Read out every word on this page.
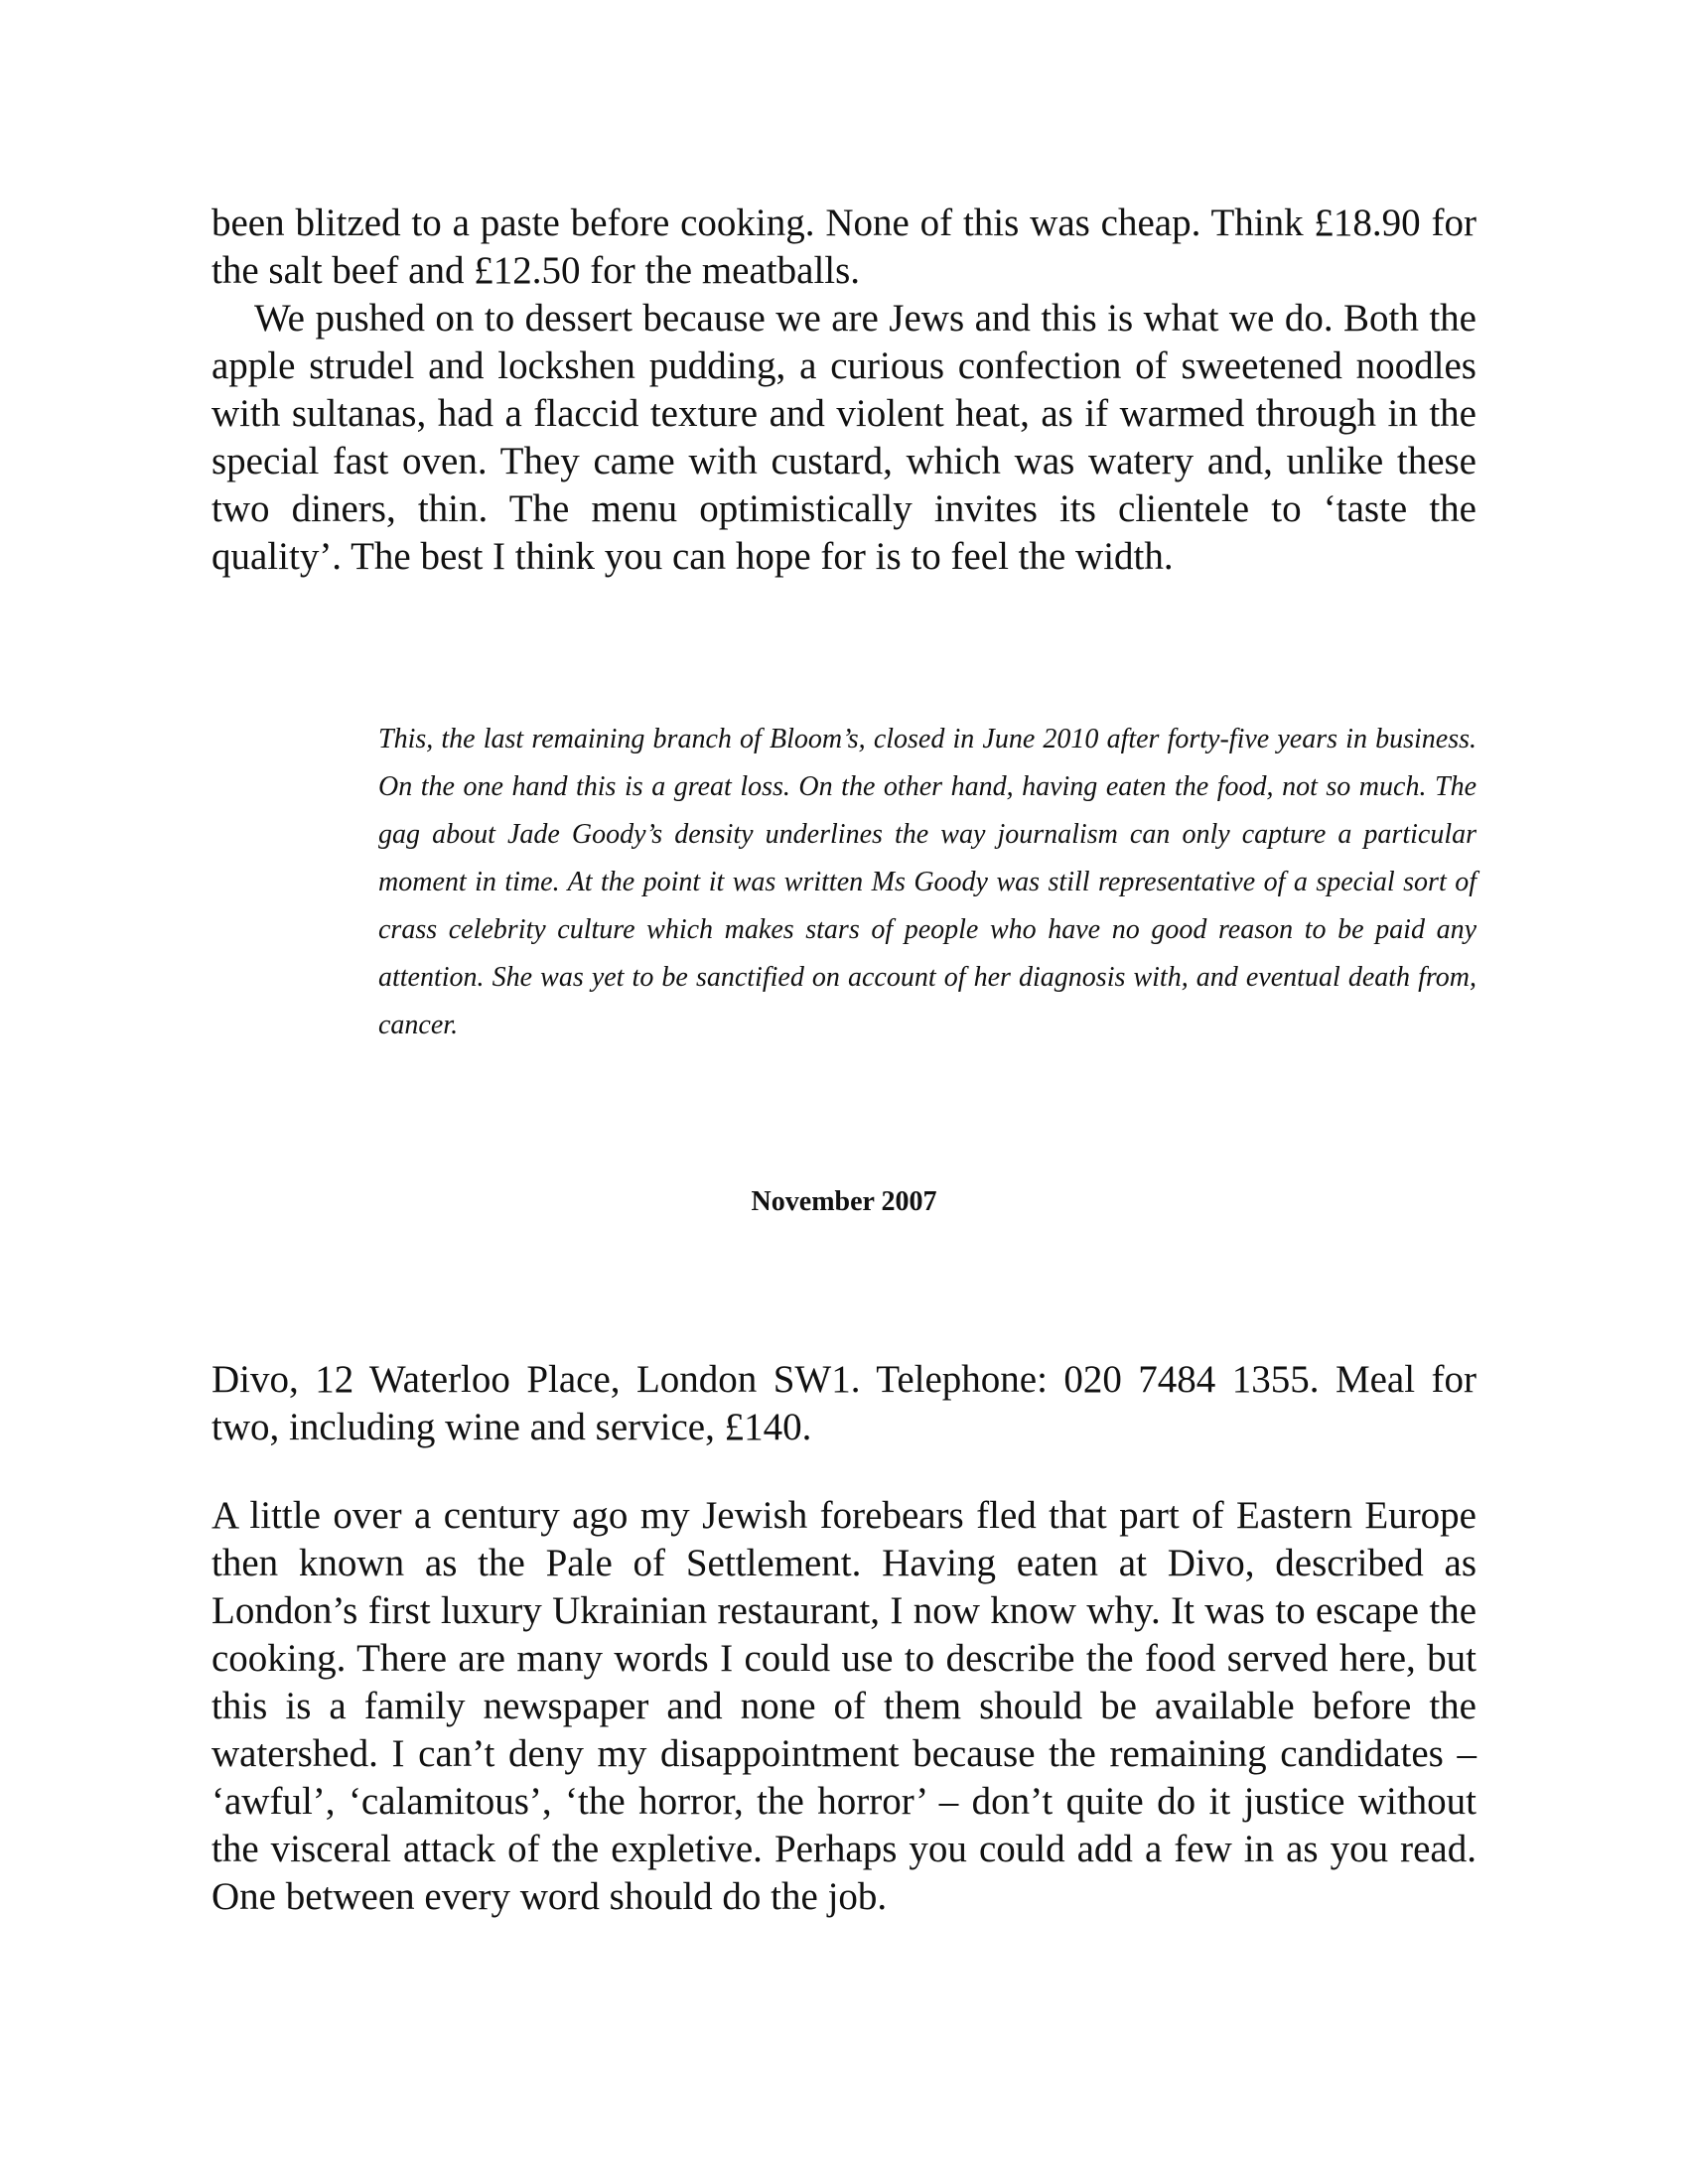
been blitzed to a paste before cooking. None of this was cheap. Think £18.90 for the salt beef and £12.50 for the meatballs.

We pushed on to dessert because we are Jews and this is what we do. Both the apple strudel and lockshen pudding, a curious confection of sweetened noodles with sultanas, had a flaccid texture and violent heat, as if warmed through in the special fast oven. They came with custard, which was watery and, unlike these two diners, thin. The menu optimistically invites its clientele to ‘taste the quality’. The best I think you can hope for is to feel the width.

This, the last remaining branch of Bloom’s, closed in June 2010 after forty-five years in business. On the one hand this is a great loss. On the other hand, having eaten the food, not so much. The gag about Jade Goody’s density underlines the way journalism can only capture a particular moment in time. At the point it was written Ms Goody was still representative of a special sort of crass celebrity culture which makes stars of people who have no good reason to be paid any attention. She was yet to be sanctified on account of her diagnosis with, and eventual death from, cancer.

November 2007

Divo, 12 Waterloo Place, London SW1. Telephone: 020 7484 1355. Meal for two, including wine and service, £140.

A little over a century ago my Jewish forebears fled that part of Eastern Europe then known as the Pale of Settlement. Having eaten at Divo, described as London’s first luxury Ukrainian restaurant, I now know why. It was to escape the cooking. There are many words I could use to describe the food served here, but this is a family newspaper and none of them should be available before the watershed. I can’t deny my disappointment because the remaining candidates – ‘awful’, ‘calamitous’, ‘the horror, the horror’ – don’t quite do it justice without the visceral attack of the expletive. Perhaps you could add a few in as you read. One between every word should do the job.
